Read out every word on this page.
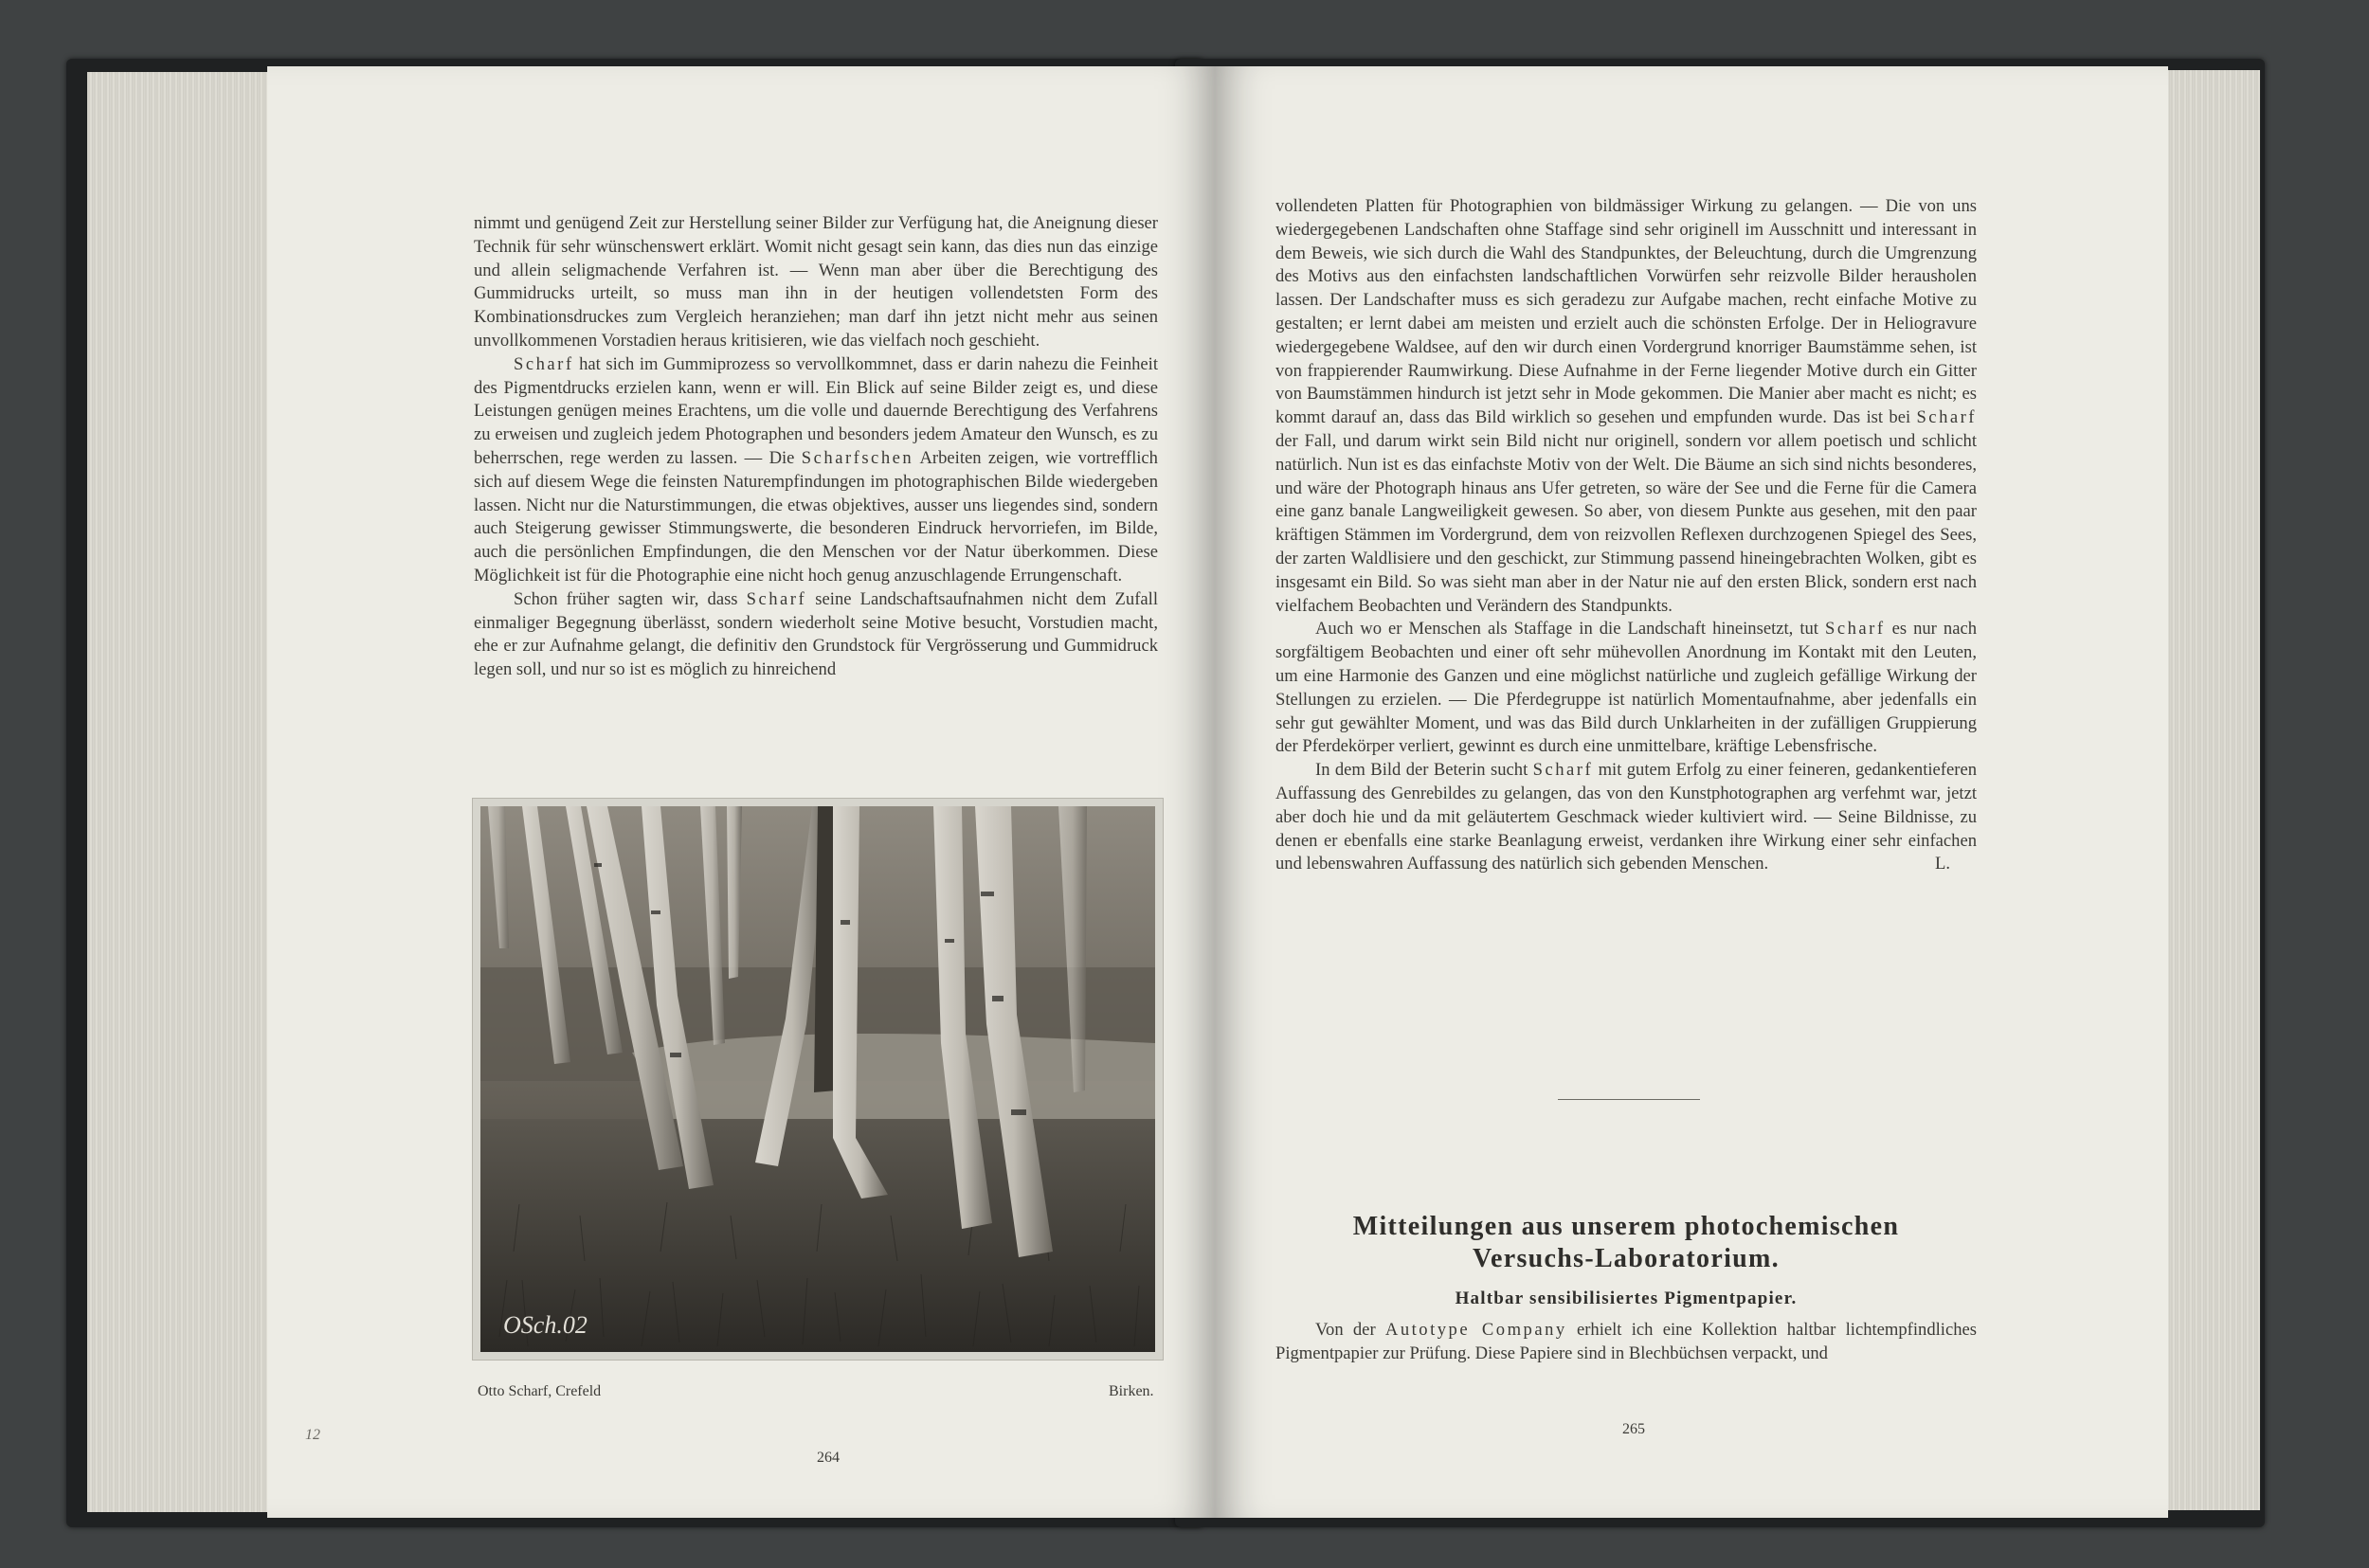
nimmt und genügend Zeit zur Herstellung seiner Bilder zur Verfügung hat, die Aneignung dieser Technik für sehr wünschenswert erklärt. Womit nicht gesagt sein kann, das dies nun das einzige und allein seligmachende Verfahren ist. — Wenn man aber über die Berechtigung des Gummidrucks urteilt, so muss man ihn in der heutigen vollendetsten Form des Kombinationsdruckes zum Vergleich heranziehen; man darf ihn jetzt nicht mehr aus seinen unvollkommenen Vorstadien heraus kritisieren, wie das vielfach noch geschieht.

Scharf hat sich im Gummiprozess so vervollkommnet, dass er darin nahezu die Feinheit des Pigmentdrucks erzielen kann, wenn er will. Ein Blick auf seine Bilder zeigt es, und diese Leistungen genügen meines Erachtens, um die volle und dauernde Berechtigung des Verfahrens zu erweisen und zugleich jedem Photographen und besonders jedem Amateur den Wunsch, es zu beherrschen, rege werden zu lassen. — Die Scharfschen Arbeiten zeigen, wie vortrefflich sich auf diesem Wege die feinsten Naturempfindungen im photographischen Bilde wiedergeben lassen. Nicht nur die Naturstimmungen, die etwas objektives, ausser uns liegendes sind, sondern auch Steigerung gewisser Stimmungswerte, die besonderen Eindruck hervorriefen, im Bilde, auch die persönlichen Empfindungen, die den Menschen vor der Natur überkommen. Diese Möglichkeit ist für die Photographie eine nicht hoch genug anzuschlagende Errungenschaft.

Schon früher sagten wir, dass Scharf seine Landschaftsaufnahmen nicht dem Zufall einmaliger Begegnung überlässt, sondern wiederholt seine Motive besucht, Vorstudien macht, ehe er zur Aufnahme gelangt, die definitiv den Grundstock für Vergrösserung und Gummidruck legen soll, und nur so ist es möglich zu hinreichend

OSch.02
Otto Scharf, Crefeld	Birken.
264

vollendeten Platten für Photographien von bildmässiger Wirkung zu gelangen. — Die von uns wiedergegebenen Landschaften ohne Staffage sind sehr originell im Ausschnitt und interessant in dem Beweis, wie sich durch die Wahl des Standpunktes, der Beleuchtung, durch die Umgrenzung des Motivs aus den einfachsten landschaftlichen Vorwürfen sehr reizvolle Bilder herausholen lassen. Der Landschafter muss es sich geradezu zur Aufgabe machen, recht einfache Motive zu gestalten; er lernt dabei am meisten und erzielt auch die schönsten Erfolge. Der in Heliogravure wiedergegebene Waldsee, auf den wir durch einen Vordergrund knorriger Baumstämme sehen, ist von frappierender Raumwirkung. Diese Aufnahme in der Ferne liegender Motive durch ein Gitter von Baumstämmen hindurch ist jetzt sehr in Mode gekommen. Die Manier aber macht es nicht; es kommt darauf an, dass das Bild wirklich so gesehen und empfunden wurde. Das ist bei Scharf der Fall, und darum wirkt sein Bild nicht nur originell, sondern vor allem poetisch und schlicht natürlich. Nun ist es das einfachste Motiv von der Welt. Die Bäume an sich sind nichts besonderes, und wäre der Photograph hinaus ans Ufer getreten, so wäre der See und die Ferne für die Camera eine ganz banale Langweiligkeit gewesen. So aber, von diesem Punkte aus gesehen, mit den paar kräftigen Stämmen im Vordergrund, dem von reizvollen Reflexen durchzogenen Spiegel des Sees, der zarten Waldlisiere und den geschickt, zur Stimmung passend hineingebrachten Wolken, gibt es insgesamt ein Bild. So was sieht man aber in der Natur nie auf den ersten Blick, sondern erst nach vielfachem Beobachten und Verändern des Standpunkts.

Auch wo er Menschen als Staffage in die Landschaft hineinsetzt, tut Scharf es nur nach sorgfältigem Beobachten und einer oft sehr mühevollen Anordnung im Kontakt mit den Leuten, um eine Harmonie des Ganzen und eine möglichst natürliche und zugleich gefällige Wirkung der Stellungen zu erzielen. — Die Pferdegruppe ist natürlich Momentaufnahme, aber jedenfalls ein sehr gut gewählter Moment, und was das Bild durch Unklarheiten in der zufälligen Gruppierung der Pferdekörper verliert, gewinnt es durch eine unmittelbare, kräftige Lebensfrische.

In dem Bild der Beterin sucht Scharf mit gutem Erfolg zu einer feineren, gedankentieferen Auffassung des Genrebildes zu gelangen, das von den Kunstphotographen arg verfehmt war, jetzt aber doch hie und da mit geläutertem Geschmack wieder kultiviert wird. — Seine Bildnisse, zu denen er ebenfalls eine starke Beanlagung erweist, verdanken ihre Wirkung einer sehr einfachen und lebenswahren Auffassung des natürlich sich gebenden Menschen.	L.

Mitteilungen aus unserem photochemischen
Versuchs-Laboratorium.
Haltbar sensibilisiertes Pigmentpapier.

Von der Autotype Company erhielt ich eine Kollektion haltbar lichtempfindliches Pigmentpapier zur Prüfung. Diese Papiere sind in Blechbüchsen verpackt, und

265
12
